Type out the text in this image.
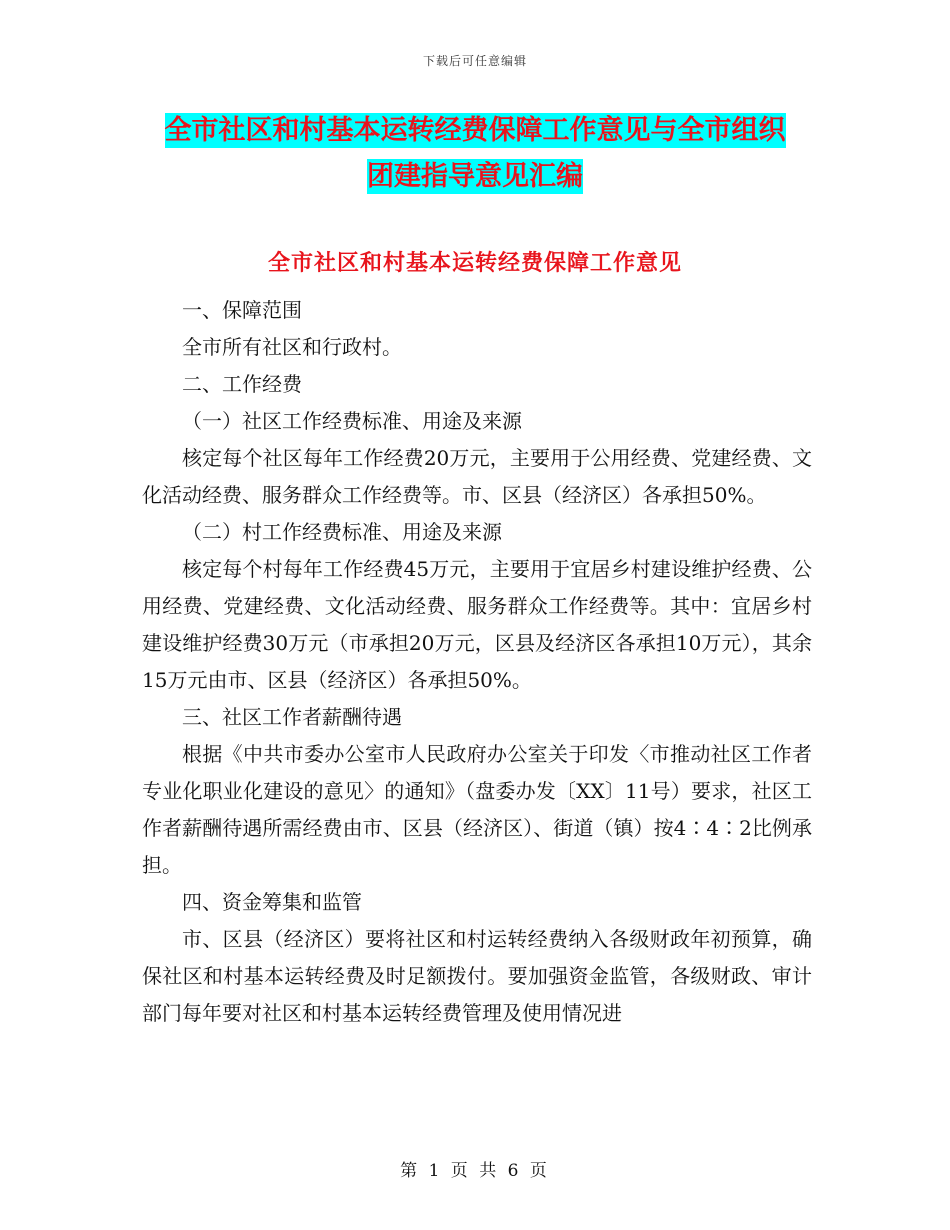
下载后可任意编辑
全市社区和村基本运转经费保障工作意见与全市组织
团建指导意见汇编
全市社区和村基本运转经费保障工作意见

一、保障范围

全市所有社区和行政村。

二、工作经费

（一）社区工作经费标准、用途及来源

核定每个社区每年工作经费20万元，主要用于公用经费、党建经费、文化活动经费、服务群众工作经费等。市、区县（经济区）各承担50%。

（二）村工作经费标准、用途及来源

核定每个村每年工作经费45万元，主要用于宜居乡村建设维护经费、公用经费、党建经费、文化活动经费、服务群众工作经费等。其中：宜居乡村建设维护经费30万元（市承担20万元，区县及经济区各承担10万元），其余15万元由市、区县（经济区）各承担50%。

三、社区工作者薪酬待遇

根据《中共市委办公室市人民政府办公室关于印发〈市推动社区工作者专业化职业化建设的意见〉的通知》（盘委办发〔XX〕11号）要求，社区工作者薪酬待遇所需经费由市、区县（经济区）、街道（镇）按4∶4∶2比例承担。

四、资金筹集和监管

市、区县（经济区）要将社区和村运转经费纳入各级财政年初预算，确保社区和村基本运转经费及时足额拨付。要加强资金监管，各级财政、审计部门每年要对社区和村基本运转经费管理及使用情况进

第 1 页 共 6 页
